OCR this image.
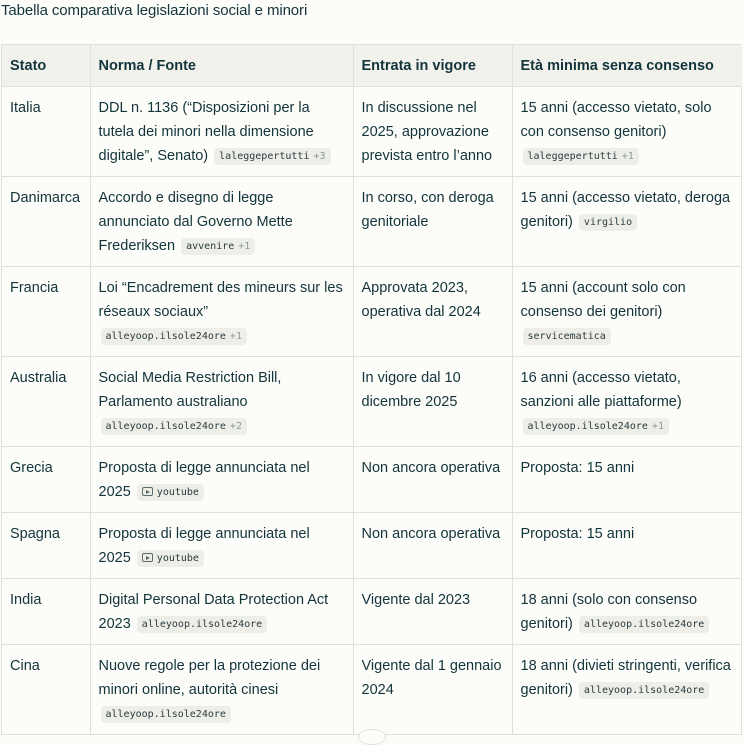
Tabella comparativa legislazioni social e minori
Stato	Norma / Fonte	Entrata in vigore	Età minima senza consenso
Italia	DDL n. 1136 (“Disposizioni per la tutela dei minori nella dimensione digitale”, Senato) laleggepertutti +3	In discussione nel 2025, approvazione prevista entro l’anno	15 anni (accesso vietato, solo con consenso genitori) laleggepertutti +1
Danimarca	Accordo e disegno di legge annunciato dal Governo Mette Frederiksen avvenire +1	In corso, con deroga genitoriale	15 anni (accesso vietato, deroga genitori) virgilio
Francia	Loi “Encadrement des mineurs sur les réseaux sociaux” alleyoop.ilsole24ore +1	Approvata 2023, operativa dal 2024	15 anni (account solo con consenso dei genitori) servicematica
Australia	Social Media Restriction Bill, Parlamento australiano alleyoop.ilsole24ore +2	In vigore dal 10 dicembre 2025	16 anni (accesso vietato, sanzioni alle piattaforme) alleyoop.ilsole24ore +1
Grecia	Proposta di legge annunciata nel 2025 youtube	Non ancora operativa	Proposta: 15 anni
Spagna	Proposta di legge annunciata nel 2025 youtube	Non ancora operativa	Proposta: 15 anni
India	Digital Personal Data Protection Act 2023 alleyoop.ilsole24ore	Vigente dal 2023	18 anni (solo con consenso genitori) alleyoop.ilsole24ore
Cina	Nuove regole per la protezione dei minori online, autorità cinesi alleyoop.ilsole24ore	Vigente dal 1 gennaio 2024	18 anni (divieti stringenti, verifica genitori) alleyoop.ilsole24ore
